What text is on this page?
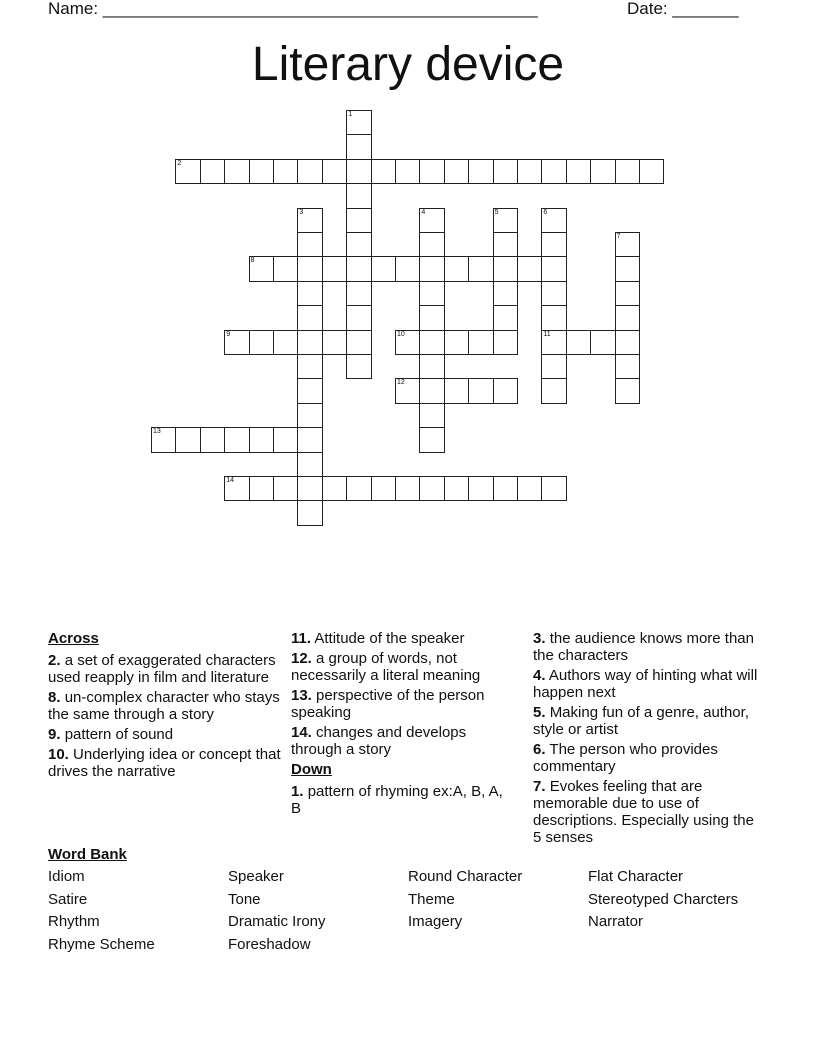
Name: ______________________________________________	Date: _______
Literary device
1
2
3	4	5	6
11
7
8
9	10
12
13
14
Across
2. a set of exaggerated characters used reapply in film and literature
8. un-complex character who stays the same through a story
9. pattern of sound
10. Underlying idea or concept that drives the narrative
11. Attitude of the speaker
12. a group of words, not necessarily a literal meaning
13. perspective of the person speaking
14. changes and develops through a story
Down
1. pattern of rhyming ex:A, B, A, B
3. the audience knows more than the characters
4. Authors way of hinting what will happen next
5. Making fun of a genre, author, style or artist
6. The person who provides commentary
7. Evokes feeling that are memorable due to use of descriptions. Especially using the 5 senses
Word Bank
Idiom
Satire
Rhythm
Rhyme Scheme
Speaker
Tone
Dramatic Irony
Foreshadow
Round Character
Theme
Imagery
Flat Character
Stereotyped Charcters
Narrator
